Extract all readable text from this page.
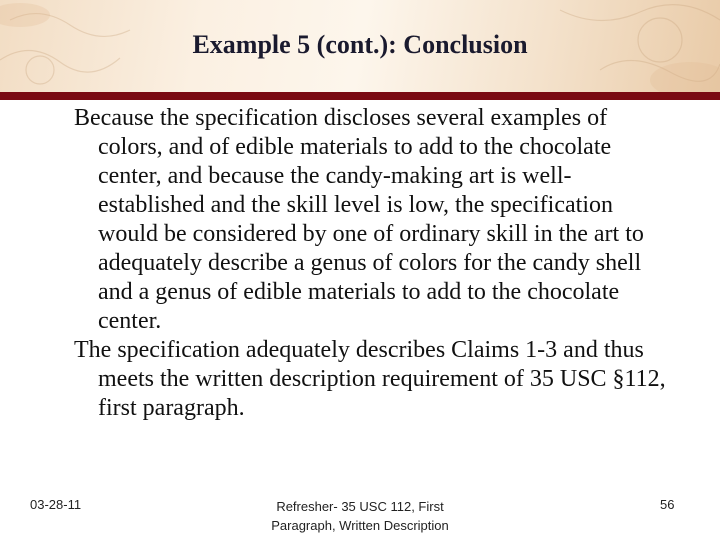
Example 5 (cont.): Conclusion

Because the specification discloses several examples of colors, and of edible materials to add to the chocolate center, and because the candy-making art is well-established and the skill level is low, the specification would be considered by one of ordinary skill in the art to adequately describe a genus of colors for the candy shell and a genus of edible materials to add to the chocolate center.

The specification adequately describes Claims 1-3 and thus meets the written description requirement of 35 USC §112, first paragraph.

03-28-11	Refresher- 35 USC 112, First
Paragraph, Written Description
56
